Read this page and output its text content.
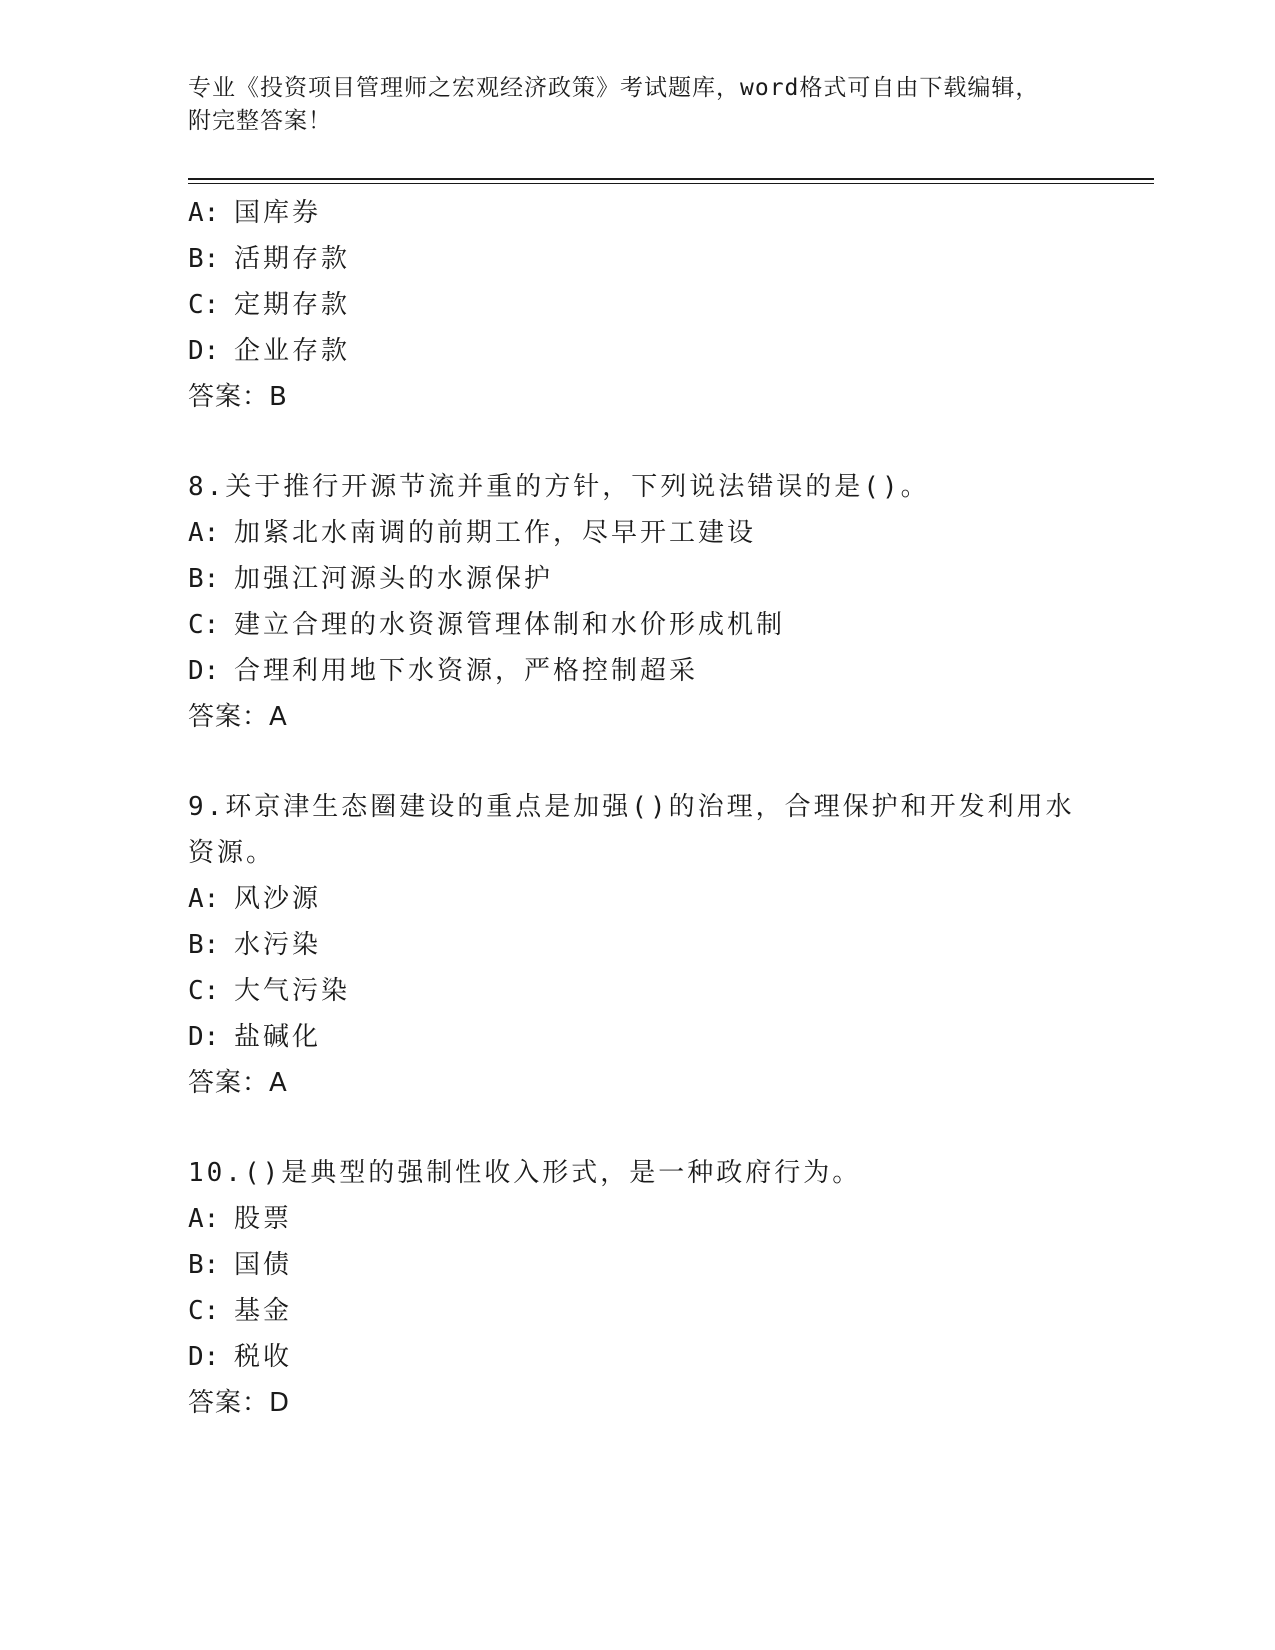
专业《投资项目管理师之宏观经济政策》考试题库，word格式可自由下载编辑，
附完整答案！
A: 国库券
B: 活期存款
C: 定期存款
D: 企业存款
答案：B
8.关于推行开源节流并重的方针，下列说法错误的是()。
A: 加紧北水南调的前期工作，尽早开工建设
B: 加强江河源头的水源保护
C: 建立合理的水资源管理体制和水价形成机制
D: 合理利用地下水资源，严格控制超采
答案：A
9.环京津生态圈建设的重点是加强()的治理，合理保护和开发利用水
资源。
A: 风沙源
B: 水污染
C: 大气污染
D: 盐碱化
答案：A
10.()是典型的强制性收入形式，是一种政府行为。
A: 股票
B: 国债
C: 基金
D: 税收
答案：D
